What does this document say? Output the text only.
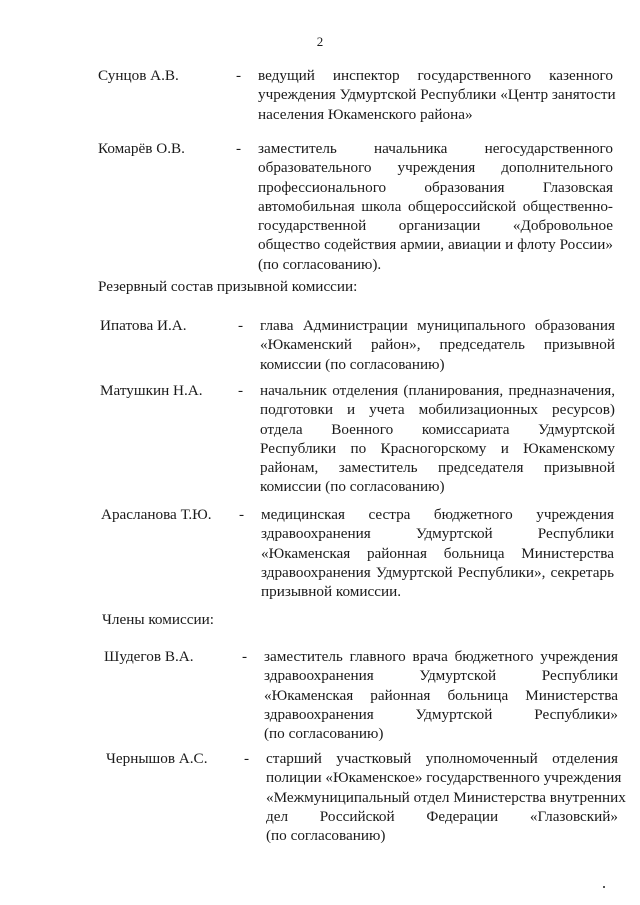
2
Сунцов А.В.	-	ведущий инспектор государственного казенного
учреждения Удмуртской Республики «Центр занятости
населения Юкаменского района»
Комарёв О.В.	-	заместитель начальника негосударственного
образовательного учреждения дополнительного
профессионального образования Глазовская
автомобильная школа общероссийской общественно-
государственной организации «Добровольное
общество содействия армии, авиации и флоту России»
(по согласованию).
Резервный состав призывной комиссии:
Ипатова И.А.	-	глава Администрации муниципального образования
«Юкаменский район», председатель призывной
комиссии (по согласованию)
Матушкин Н.А.	-	начальник отделения (планирования, предназначения,
подготовки и учета мобилизационных ресурсов)
отдела Военного комиссариата Удмуртской
Республики по Красногорскому и Юкаменскому
районам, заместитель председателя призывной
комиссии (по согласованию)
Арасланова Т.Ю.	-	медицинская сестра бюджетного учреждения
здравоохранения Удмуртской Республики
«Юкаменская районная больница Министерства
здравоохранения Удмуртской Республики», секретарь
призывной комиссии.
Члены комиссии:
Шудегов В.А.	-	заместитель главного врача бюджетного учреждения
здравоохранения Удмуртской Республики
«Юкаменская районная больница Министерства
здравоохранения Удмуртской Республики»
(по согласованию)
Чернышов А.С.	-	старший участковый уполномоченный отделения
полиции «Юкаменское» государственного учреждения
«Межмуниципальный отдел Министерства внутренних
дел Российской Федерации «Глазовский»
(по согласованию)
